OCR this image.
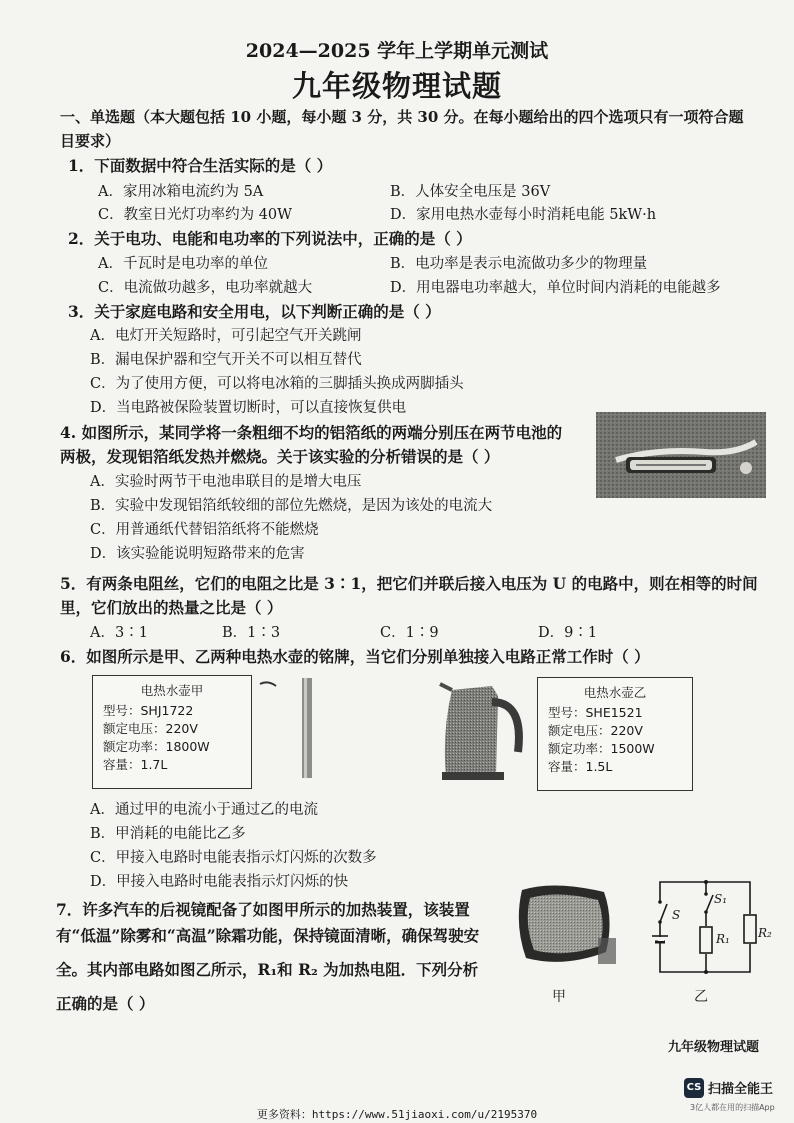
2024—2025 学年上学期单元测试
九年级物理试题
一、单选题（本大题包括 10 小题，每小题 3 分，共 30 分。在每小题给出的四个选项只有一项符合题
目要求）
1．下面数据中符合生活实际的是（ ）
A．家用冰箱电流约为 5A	B．人体安全电压是 36V
C．教室日光灯功率约为 40W	D．家用电热水壶每小时消耗电能 5kW·h
2．关于电功、电能和电功率的下列说法中，正确的是（ ）
A．千瓦时是电功率的单位	B．电功率是表示电流做功多少的物理量
C．电流做功越多，电功率就越大	D．用电器电功率越大，单位时间内消耗的电能越多
3．关于家庭电路和安全用电，以下判断正确的是（ ）
A．电灯开关短路时，可引起空气开关跳闸
B．漏电保护器和空气开关不可以相互替代
C．为了使用方便，可以将电冰箱的三脚插头换成两脚插头
D．当电路被保险装置切断时，可以直接恢复供电
4. 如图所示，某同学将一条粗细不均的铝箔纸的两端分别压在两节电池的
两极，发现铝箔纸发热并燃烧。关于该实验的分析错误的是（ ）
A．实验时两节干电池串联目的是增大电压
B．实验中发现铝箔纸较细的部位先燃烧，是因为该处的电流大
C．用普通纸代替铝箔纸将不能燃烧
D．该实验能说明短路带来的危害
5．有两条电阻丝，它们的电阻之比是 3∶1，把它们并联后接入电压为 U 的电路中，则在相等的时间
里，它们放出的热量之比是（ ）
A．3∶1	B．1∶3	C．1∶9	D．9∶1
6．如图所示是甲、乙两种电热水壶的铭牌，当它们分别单独接入电路正常工作时（ ）
电热水壶甲
型号：SHJ1722
额定电压：220V
额定功率：1800W
容量：1.7L
电热水壶乙
型号：SHE1521
额定电压：220V
额定功率：1500W
容量：1.5L
A．通过甲的电流小于通过乙的电流
B．甲消耗的电能比乙多
C．甲接入电路时电能表指示灯闪烁的次数多
D．甲接入电路时电能表指示灯闪烁的快
7．许多汽车的后视镜配备了如图甲所示的加热装置，该装置
有“低温”除雾和“高温”除霜功能，保持镜面清晰，确保驾驶安
全。其内部电路如图乙所示，R₁和 R₂ 为加热电阻．下列分析
正确的是（ ）	甲
S
S₁
R₁ R₂
乙
九年级物理试题
CS 扫描全能王
3亿人都在用的扫描App
更多资料：https://www.51jiaoxi.com/u/2195370
